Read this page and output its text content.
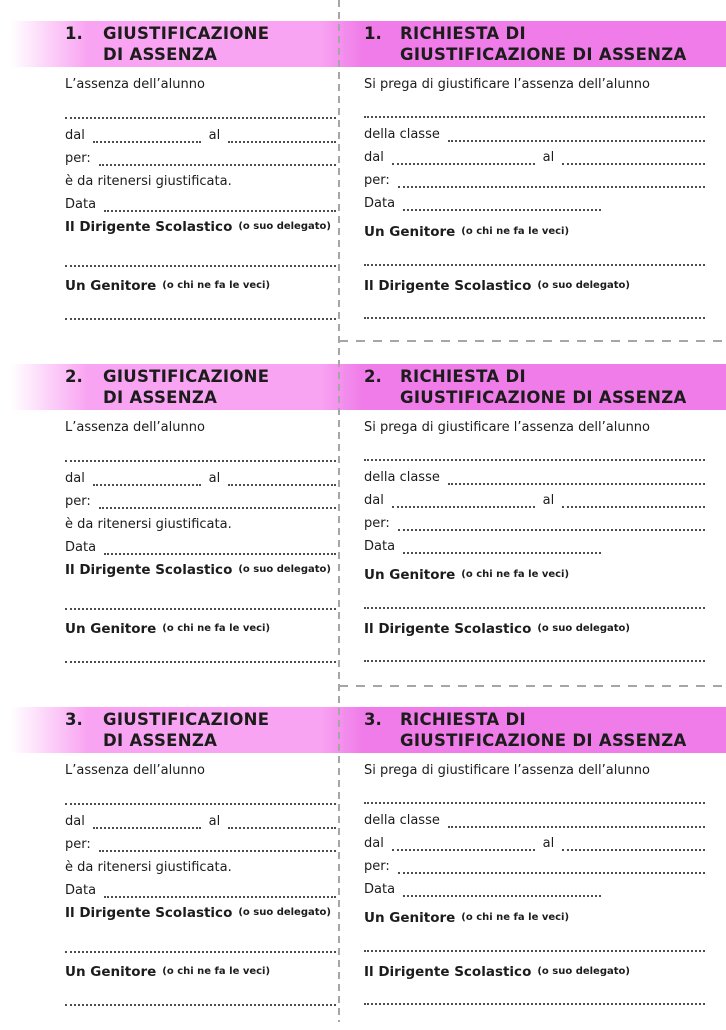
1.	GIUSTIFICAZIONE
DI ASSENZA
1.	RICHIESTA DI
GIUSTIFICAZIONE DI ASSENZA
L’assenza dell’alunno
dal	al
per:
è da ritenersi giustificata.
Data
Il Dirigente Scolastico (o suo delegato)
Un Genitore (o chi ne fa le veci)
Si prega di giustificare l’assenza dell’alunno
della classe
dal	al
per:
Data
Un Genitore (o chi ne fa le veci)
Il Dirigente Scolastico (o suo delegato)
2.	GIUSTIFICAZIONE
DI ASSENZA
2.	RICHIESTA DI
GIUSTIFICAZIONE DI ASSENZA
L’assenza dell’alunno
dal	al
per:
è da ritenersi giustificata.
Data
Il Dirigente Scolastico (o suo delegato)
Un Genitore (o chi ne fa le veci)
Si prega di giustificare l’assenza dell’alunno
della classe
dal	al
per:
Data
Un Genitore (o chi ne fa le veci)
Il Dirigente Scolastico (o suo delegato)
3.	GIUSTIFICAZIONE
DI ASSENZA
3.	RICHIESTA DI
GIUSTIFICAZIONE DI ASSENZA
L’assenza dell’alunno
dal	al
per:
è da ritenersi giustificata.
Data
Il Dirigente Scolastico (o suo delegato)
Un Genitore (o chi ne fa le veci)
Si prega di giustificare l’assenza dell’alunno
della classe
dal	al
per:
Data
Un Genitore (o chi ne fa le veci)
Il Dirigente Scolastico (o suo delegato)
